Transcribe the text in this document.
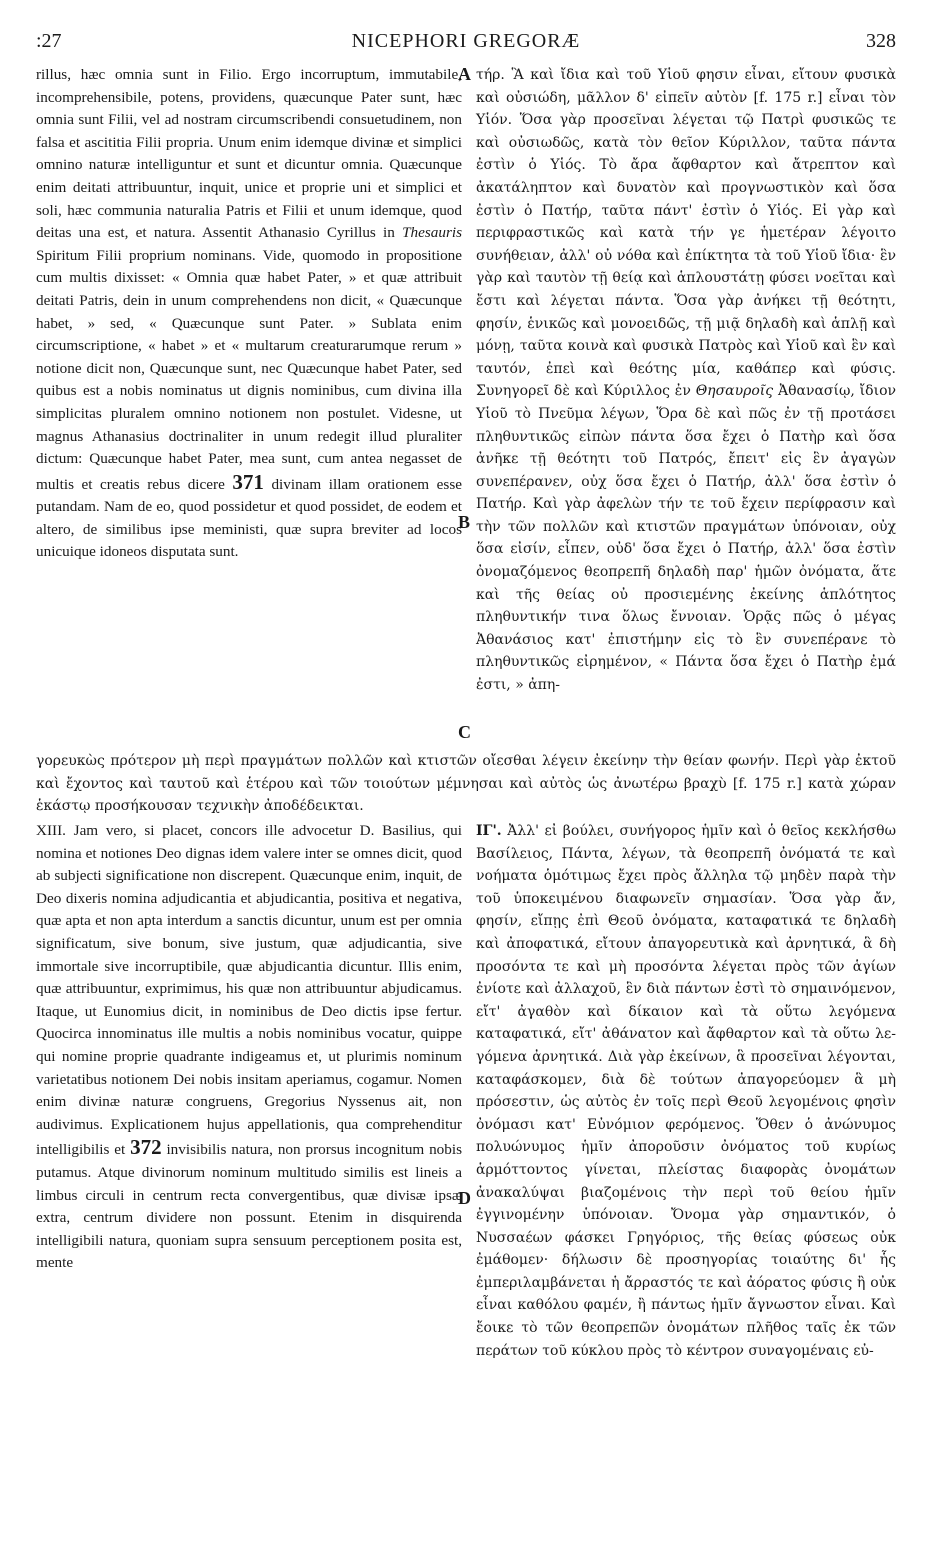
:27	NICEPHORI GREGORÆ	328

rillus, hæc omnia sunt in Filio. Ergo incorruptum, immutabile, incomprehensibile, potens, providens, quæcunque Pater sunt, hæc omnia sunt Filii, vel ad nostram circumscribendi consuetudinem, non falsa et ascititia Filii propria. Unum enim idemque divinæ et simplici omnino naturæ intelliguntur et sunt et dicuntur omnia. Quæcunque enim deitati attribuuntur, inquit, unice et proprie uni et simplici et soli, hæc communia naturalia Patris et Filii et unum idemque, quod deitas una est, et natura. Assentit Athanasio Cyrillus in Thesauris Spiritum Filii proprium nominans. Vide, quomodo in propositione cum multis dixisset: « Omnia quæ habet Pater, » et quæ attribuit deitati Patris, dein in unum comprehendens non dicit, « Quæcunque habet, » sed, « Quæcunque sunt Pater. » Sublata enim circumscriptione, « habet » et « multarum creaturarumque rerum » notione dicit non, Quæcunque sunt, nec Quæcunque habet Pater, sed quibus est a nobis nominatus ut dignis nominibus, cum divina illa simplicitas pluralem omnino notionem non postulet. Videsne, ut magnus Athanasius doctrinaliter in unum redegit illud pluraliter dictum: Quæcunque habet Pater, mea sunt, cum antea negasset de multis et creatis rebus dicere 371 divinam illam orationem esse putandam. Nam de eo, quod possidetur et quod possidet, de eodem et altero, de similibus ipse meministi, quæ supra breviter ad locos unicuique idoneos disputata sunt.

τήρ. Ἃ καὶ ἴδια καὶ τοῦ Υἱοῦ φησιν εἶναι, εἴτουν φυσικὰ καὶ οὐσιώδη, μᾶλλον δ' εἰπεῖν αὐτὸν [f. 175 r.] εἶναι τὸν Υἱόν. Ὅσα γὰρ προσεῖναι λέγεται τῷ Πατρὶ φυσικῶς τε καὶ οὐσιωδῶς, κατὰ τὸν θεῖον Κύριλλον, ταῦτα πάντα ἐστὶν ὁ Υἱός. Τὸ ἄρα ἄφθαρτον καὶ ἄτρεπτον καὶ ἀκατάληπτον καὶ δυνατὸν καὶ προγνωστικὸν καὶ ὅσα ἐστὶν ὁ Πατήρ, ταῦτα πάντ' ἐστὶν ὁ Υἱός. Εἰ γὰρ καὶ περιφραστικῶς καὶ κατὰ τήν γε ἡμετέραν λέγοιτο συνήθειαν, ἀλλ' οὐ νόθα καὶ ἐπίκτητα τὰ τοῦ Υἱοῦ ἴδια· ἓν γὰρ καὶ ταυτὸν τῇ θείᾳ καὶ ἁπλουστάτῃ φύσει νοεῖται καὶ ἔστι καὶ λέγεται πάντα. Ὅσα γὰρ ἀνήκει τῇ θεότητι, φησίν, ἑνικῶς καὶ μονοειδῶς, τῇ μιᾷ δηλαδὴ καὶ ἁπλῇ καὶ μόνῃ, ταῦτα κοινὰ καὶ φυσικὰ Πατρὸς καὶ Υἱοῦ καὶ ἓν καὶ ταυτόν, ἐπεὶ καὶ θεότης μία, καθάπερ καὶ φύσις. Συνηγορεῖ δὲ καὶ Κύριλλος ἐν Θησαυροῖς Ἀθανασίῳ, ἴδιον Υἱοῦ τὸ Πνεῦμα λέγων, Ὅρα δὲ καὶ πῶς ἐν τῇ προτάσει πληθυντικῶς εἰπὼν πάντα ὅσα ἔχει ὁ Πατὴρ καὶ ὅσα ἀνῆκε τῇ θεότητι τοῦ Πατρός, ἔπειτ' εἰς ἓν ἀγαγὼν συνεπέρανεν, οὐχ ὅσα ἔχει ὁ Πατήρ, ἀλλ' ὅσα ἐστὶν ὁ Πατήρ. Καὶ γὰρ ἀφελὼν τήν τε τοῦ ἔχειν περίφρασιν καὶ τὴν τῶν πολλῶν καὶ κτιστῶν πραγμάτων ὑπόνοιαν, οὐχ ὅσα εἰσίν, εἶπεν, οὐδ' ὅσα ἔχει ὁ Πατήρ, ἀλλ' ὅσα ἐστὶν ὀνομαζόμενος θεοπρεπῆ δηλαδὴ παρ' ἡμῶν ὀνόματα, ἅτε καὶ τῆς θείας οὐ προσιεμένης ἐκείνης ἁπλότητος πληθυντικήν τινα ὅλως ἔννοιαν. Ὁρᾷς πῶς ὁ μέγας Ἀθανάσιος κατ' ἐπιστήμην εἰς τὸ ἓν συνεπέρανε τὸ πληθυντικῶς εἰρημένον, « Πάντα ὅσα ἔχει ὁ Πατὴρ ἐμά ἐστι, » ἀπη-

γορευκὼς πρότερον μὴ περὶ πραγμάτων πολλῶν καὶ κτιστῶν οἴεσθαι λέγειν ἐκείνην τὴν θείαν φωνήν. Περὶ γὰρ ἐκτοῦ καὶ ἔχοντος καὶ ταυτοῦ καὶ ἑτέρου καὶ τῶν τοιούτων μέμνησαι καὶ αὐτὸς ὡς ἀνωτέρω βραχὺ [f. 175 r.] κατὰ χώραν ἑκάστῳ προσήκουσαν τεχνικὴν ἀποδέδεικται.

XIII. Jam vero, si placet, concors ille advocetur D. Basilius, qui nomina et notiones Deo dignas idem valere inter se omnes dicit, quod ab subjecti significatione non discrepent. Quæcunque enim, inquit, de Deo dixeris nomina adjudicantia et abjudicantia, positiva et negativa, quæ apta et non apta interdum a sanctis dicuntur, unum est per omnia significatum, sive bonum, sive justum, quæ adjudicantia, sive immortale sive incorruptibile, quæ abjudicantia dicuntur. Illis enim, quæ attribuuntur, exprimimus, his quæ non attribuuntur abjudicamus. Itaque, ut Eunomius dicit, in nominibus de Deo dictis ipse fertur. Quocirca innominatus ille multis a nobis nominibus vocatur, quippe qui nomine proprie quadrante indigeamus et, ut plurimis nominum varietatibus notionem Dei nobis insitam aperiamus, cogamur. Nomen enim divinæ naturæ congruens, Gregorius Nyssenus ait, non audivimus. Explicationem hujus appellationis, qua comprehenditur intelligibilis et 372 invisibilis natura, non prorsus incognitum nobis putamus. Atque divinorum nominum multitudo similis est lineis a limbus circuli in centrum recta convergentibus, quæ divisæ ipsæ extra, centrum dividere non possunt. Etenim in disquirenda intelligibili natura, quoniam supra sensuum perceptionem posita est, mente

ΙΓ'. Ἀλλ' εἰ βούλει, συνήγορος ἡμῖν καὶ ὁ θεῖος κεκλήσθω Βασίλειος, Πάντα, λέγων, τὰ θεοπρεπῆ ὀνόματά τε καὶ νοήματα ὁμότιμως ἔχει πρὸς ἄλληλα τῷ μηδὲν παρὰ τὴν τοῦ ὑποκειμένου διαφωνεῖν σημασίαν. Ὅσα γὰρ ἄν, φησίν, εἴπῃς ἐπὶ Θεοῦ ὀνόματα, καταφατικά τε δηλαδὴ καὶ ἀποφατικά, εἴτουν ἀπαγορευτικὰ καὶ ἀρνητικά, ἃ δὴ προσόντα τε καὶ μὴ προσόντα λέγεται πρὸς τῶν ἁγίων ἐνίοτε καὶ ἀλλαχοῦ, ἓν διὰ πάντων ἐστὶ τὸ σημαινόμενον, εἴτ' ἀγαθὸν καὶ δίκαιον καὶ τὰ οὕτω λεγόμενα καταφατικά, εἴτ' ἀθάνατον καὶ ἄφθαρτον καὶ τὰ οὕτω λε- γόμενα ἀρνητικά. Διὰ γὰρ ἐκείνων, ἃ προσεῖναι λέγονται, καταφάσκομεν, διὰ δὲ τούτων ἀπαγορεύομεν ἃ μὴ πρόσεστιν, ὡς αὐτὸς ἐν τοῖς περὶ Θεοῦ λεγομένοις φησὶν ὀνόμασι κατ' Εὐνόμιον φερόμενος. Ὅθεν ὁ ἀνώνυμος πολυώνυμος ἡμῖν ἀποροῦσιν ὀνόματος τοῦ κυρίως ἁρμόττοντος γίνεται, πλείστας διαφορὰς ὀνομάτων ἀνακαλύψαι βιαζομένοις τὴν περὶ τοῦ θείου ἡμῖν ἐγγινομένην ὑπόνοιαν. Ὄνομα γὰρ σημαντικόν, ὁ Νυσσαέων φάσκει Γρηγόριος, τῆς θείας φύσεως οὐκ ἐμάθομεν· δήλωσιν δὲ προσηγορίας τοιαύτης δι' ἧς ἐμπεριλαμβάνεται ἡ ἄρραστός τε καὶ ἀόρατος φύσις ἢ οὐκ εἶναι καθόλου φαμέν, ἢ πάντως ἡμῖν ἄγνωστον εἶναι. Καὶ ἔοικε τὸ τῶν θεοπρεπῶν ὀνομάτων πλῆθος ταῖς ἐκ τῶν περάτων τοῦ κύκλου πρὸς τὸ κέντρον συναγομέναις εὐ-

A
B
C
D
